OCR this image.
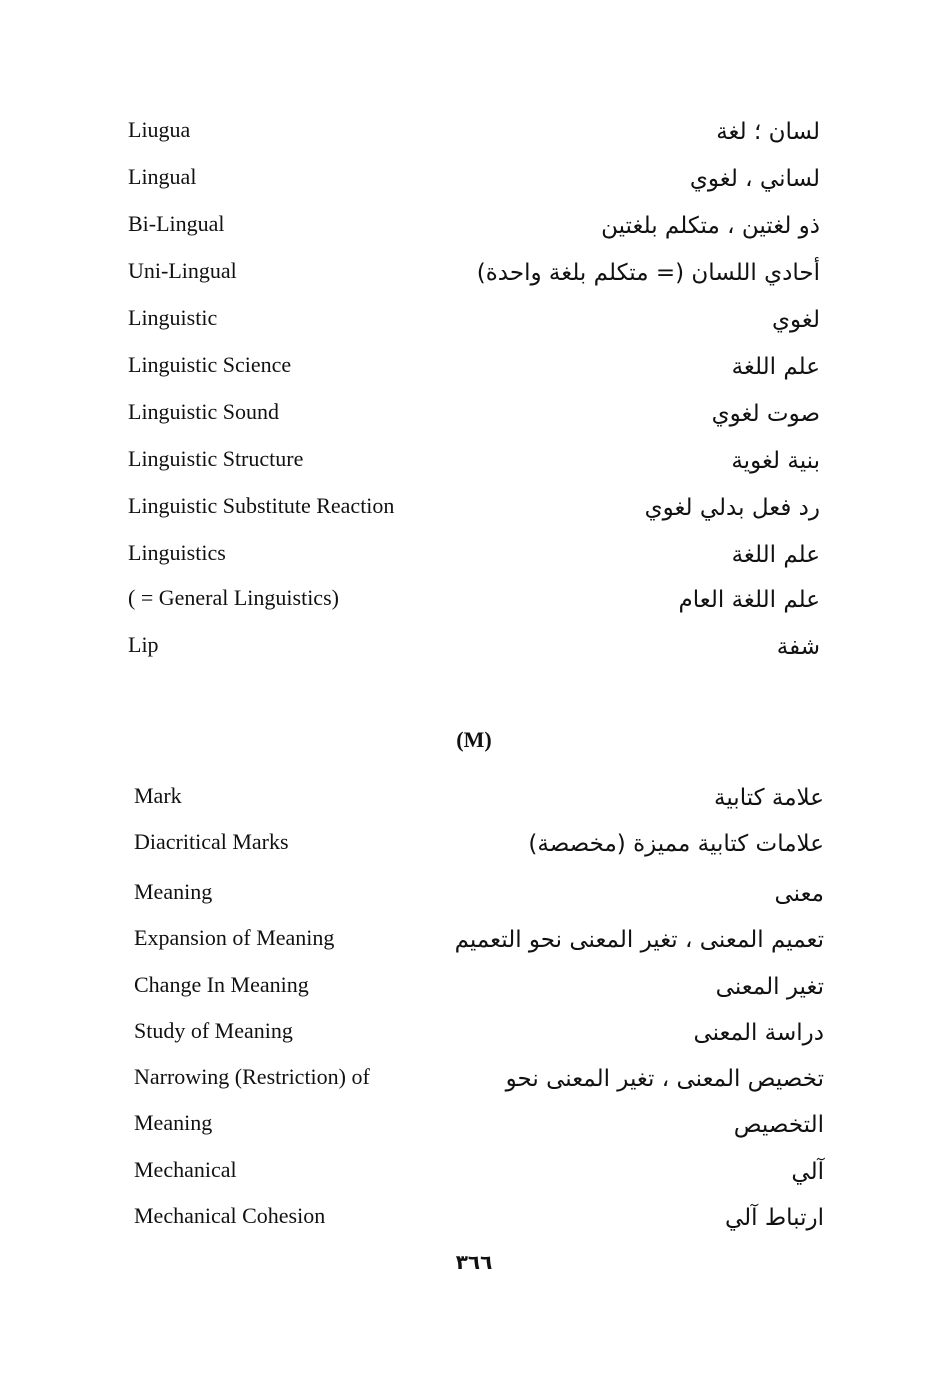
Liugua	لسان ؛ لغة
Lingual	لساني ، لغوي
Bi-Lingual	ذو لغتين ، متكلم بلغتين
Uni-Lingual	أحادي اللسان (= متكلم بلغة واحدة)
Linguistic	لغوي
Linguistic Science	علم اللغة
Linguistic Sound	صوت لغوي
Linguistic Structure	بنية لغوية
Linguistic Substitute Reaction	رد فعل بدلي لغوي
Linguistics	علم اللغة
( = General Linguistics)	علم اللغة العام
Lip	شفة
(M)
Mark	علامة كتابية
Diacritical Marks	علامات كتابية مميزة (مخصصة)
Meaning	معنى
Expansion of Meaning	تعميم المعنى ، تغير المعنى نحو التعميم
Change In Meaning	تغير المعنى
Study of Meaning	دراسة المعنى
Narrowing (Restriction) of	تخصيص المعنى ، تغير المعنى نحو
Meaning	التخصيص
Mechanical	آلي
Mechanical Cohesion	ارتباط آلي
٣٦٦
